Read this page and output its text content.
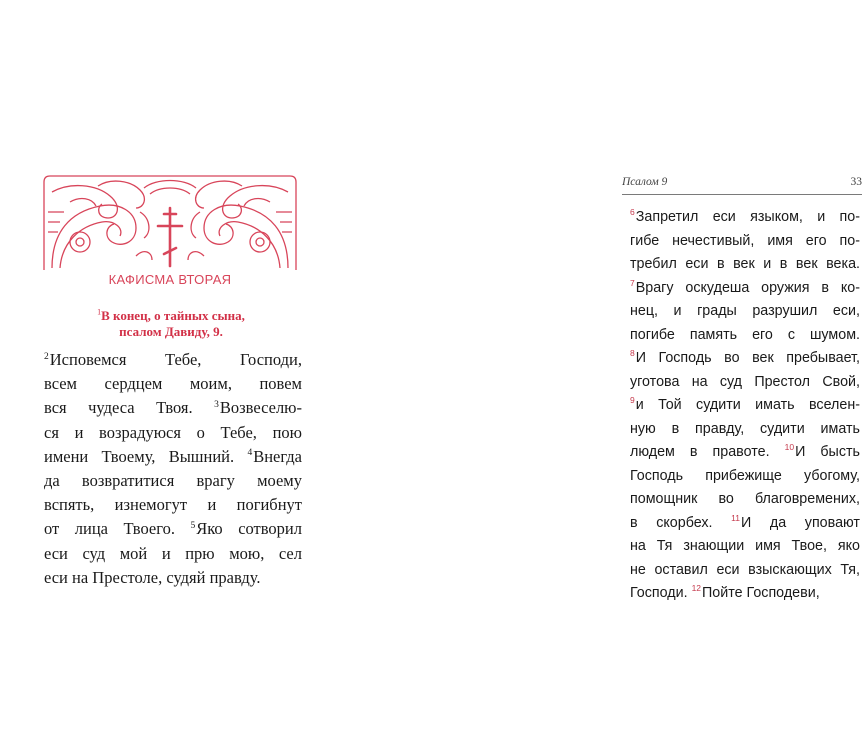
КАФИСМА ВТОРАЯ
$^1$В конец, о тайных сына,
псалом Давиду, 9.
$^2$Исповемся Тебе, Господи,
всем сердцем моим, повем
вся чудеса Твоя. $^3$Возвеселю-
ся и возрадуюся о Тебе, пою
имени Твоему, Вышний. $^4$Внегда
да возвратитися врагу моему
вспять, изнемогут и погибнут
от лица Твоего. $^5$Яко сотворил
еси суд мой и прю мою, сел
еси на Престоле, судяй правду.
Псалом 9	33
$^6$Запретил еси языком, и по-
гибе нечестивый, имя его по-
требил еси в век и в век века.
$^7$Врагу оскудеша оружия в ко-
нец, и грады разрушил еси,
погибе память его с шумом.
$^8$И Господь во век пребывает,
уготова на суд Престол Свой,
$^9$и Той судити имать вселен-
ную в правду, судити имать
людем в правоте. $^{10}$И бысть
Господь прибежище убогому,
помощник во благовремених,
в скорбех. $^{11}$И да уповают
на Тя знающии имя Твое, яко
не оставил еси взыскающих Тя,
Господи. $^{12}$Пойте Господеви,
